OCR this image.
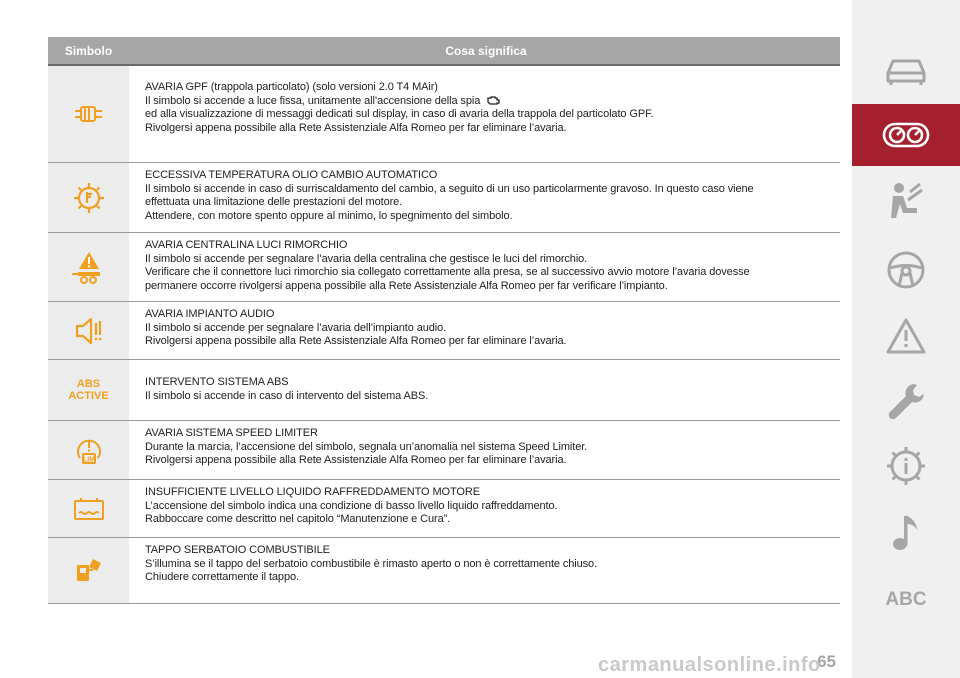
Simbolo	Cosa significa
AVARIA GPF (trappola particolato) (solo versioni 2.0 T4 MAir)
Il simbolo si accende a luce fissa, unitamente all’accensione della spia
ed alla visualizzazione di messaggi dedicati sul display, in caso di avaria della trappola del particolato GPF.
Rivolgersi appena possibile alla Rete Assistenziale Alfa Romeo per far eliminare l’avaria.
ECCESSIVA TEMPERATURA OLIO CAMBIO AUTOMATICO
Il simbolo si accende in caso di surriscaldamento del cambio, a seguito di un uso particolarmente gravoso. In questo caso viene
effettuata una limitazione delle prestazioni del motore.
Attendere, con motore spento oppure al minimo, lo spegnimento del simbolo.
AVARIA CENTRALINA LUCI RIMORCHIO
Il simbolo si accende per segnalare l’avaria della centralina che gestisce le luci del rimorchio.
Verificare che il connettore luci rimorchio sia collegato correttamente alla presa, se al successivo avvio motore l’avaria dovesse
permanere occorre rivolgersi appena possibile alla Rete Assistenziale Alfa Romeo per far verificare l’impianto.
AVARIA IMPIANTO AUDIO
Il simbolo si accende per segnalare l’avaria dell’impianto audio.
Rivolgersi appena possibile alla Rete Assistenziale Alfa Romeo per far eliminare l’avaria.
ABS
ACTIVE
INTERVENTO SISTEMA ABS
Il simbolo si accende in caso di intervento del sistema ABS.
LIM
AVARIA SISTEMA SPEED LIMITER
Durante la marcia, l’accensione del simbolo, segnala un’anomalia nel sistema Speed Limiter.
Rivolgersi appena possibile alla Rete Assistenziale Alfa Romeo per far eliminare l’avaria.
INSUFFICIENTE LIVELLO LIQUIDO RAFFREDDAMENTO MOTORE
L’accensione del simbolo indica una condizione di basso livello liquido raffreddamento.
Rabboccare come descritto nel capitolo “Manutenzione e Cura”.
TAPPO SERBATOIO COMBUSTIBILE
S’illumina se il tappo del serbatoio combustibile è rimasto aperto o non è correttamente chiuso.
Chiudere correttamente il tappo.
ABC
65
carmanualsonline.info
